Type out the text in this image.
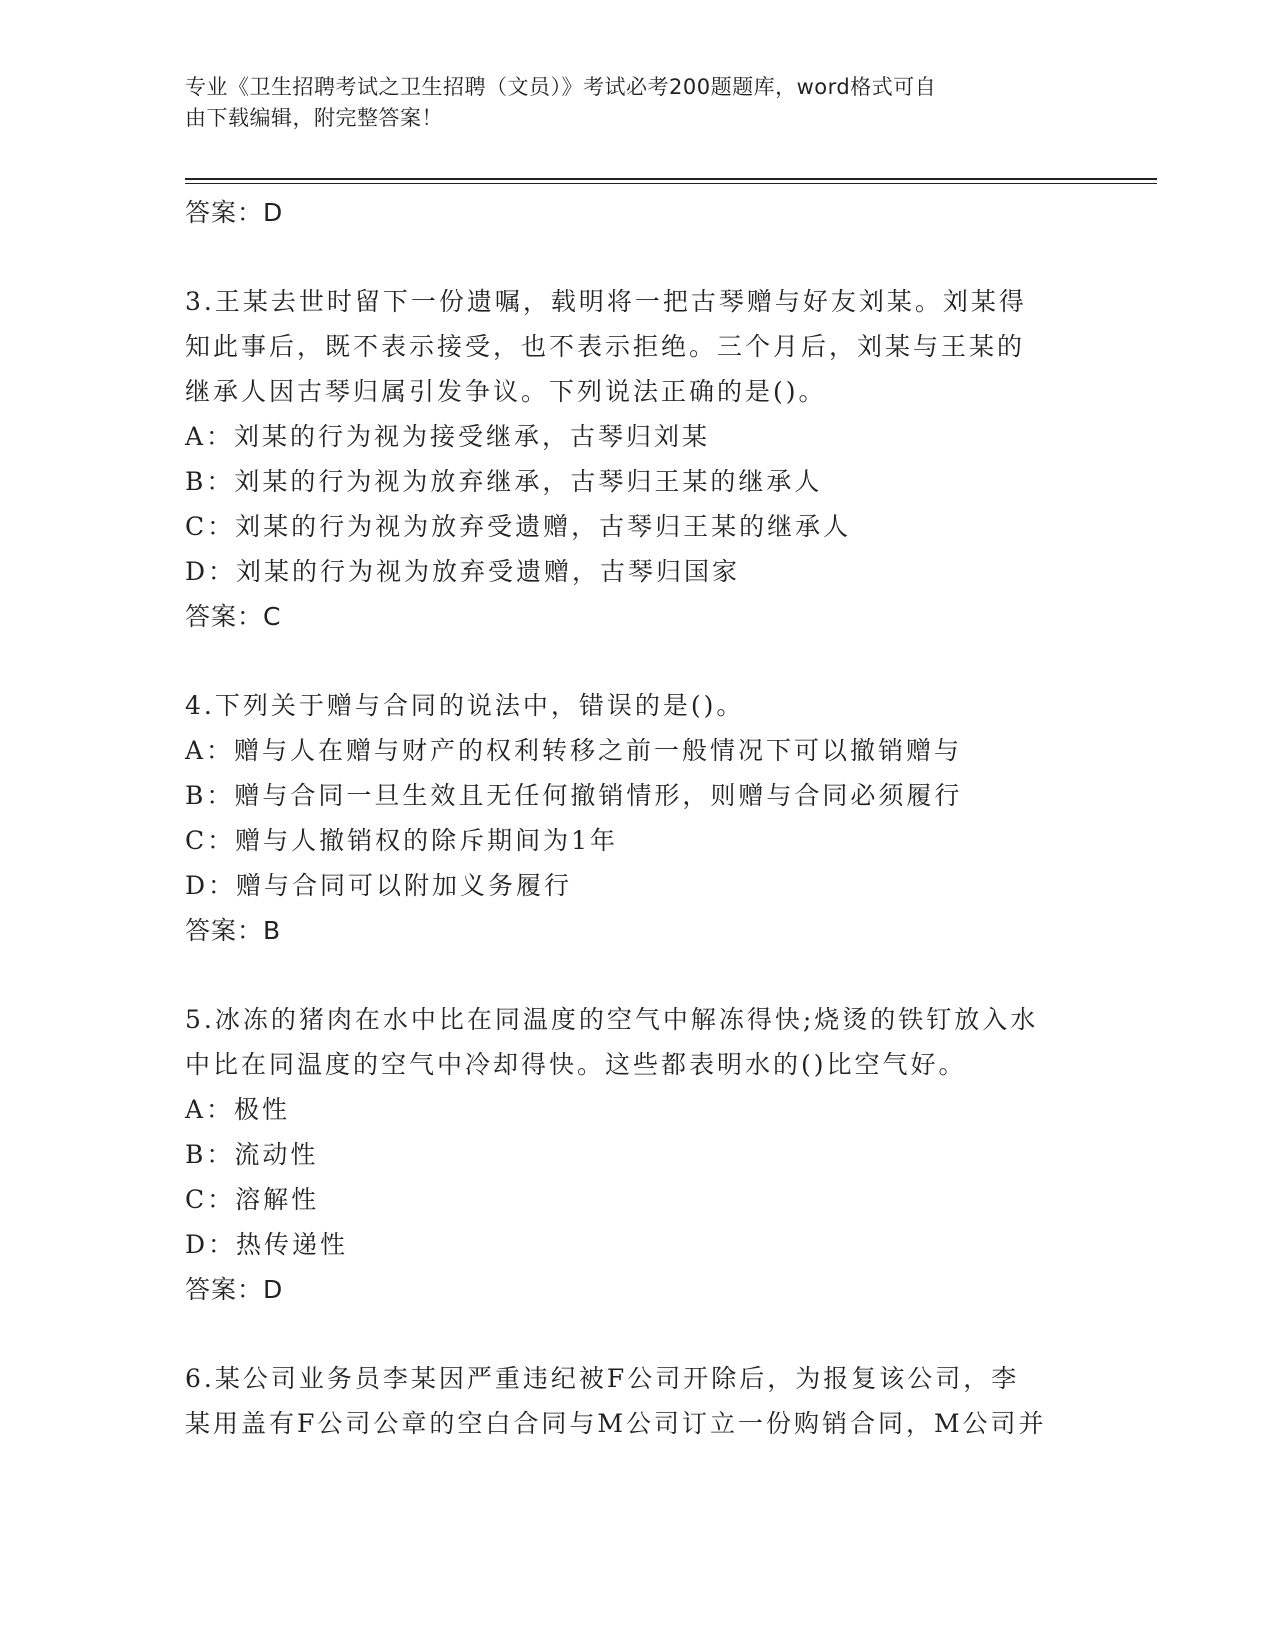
专业《卫生招聘考试之卫生招聘（文员）》考试必考200题题库，word格式可自
由下载编辑，附完整答案！
答案：D
3.王某去世时留下一份遗嘱，载明将一把古琴赠与好友刘某。刘某得
知此事后，既不表示接受，也不表示拒绝。三个月后，刘某与王某的
继承人因古琴归属引发争议。下列说法正确的是()。
A：刘某的行为视为接受继承，古琴归刘某
B：刘某的行为视为放弃继承，古琴归王某的继承人
C：刘某的行为视为放弃受遗赠，古琴归王某的继承人
D：刘某的行为视为放弃受遗赠，古琴归国家
答案：C
4.下列关于赠与合同的说法中，错误的是()。
A：赠与人在赠与财产的权利转移之前一般情况下可以撤销赠与
B：赠与合同一旦生效且无任何撤销情形，则赠与合同必须履行
C：赠与人撤销权的除斥期间为1年
D：赠与合同可以附加义务履行
答案：B
5.冰冻的猪肉在水中比在同温度的空气中解冻得快;烧烫的铁钉放入水
中比在同温度的空气中冷却得快。这些都表明水的()比空气好。
A：极性
B：流动性
C：溶解性
D：热传递性
答案：D
6.某公司业务员李某因严重违纪被F公司开除后，为报复该公司，李
某用盖有F公司公章的空白合同与M公司订立一份购销合同，M公司并
